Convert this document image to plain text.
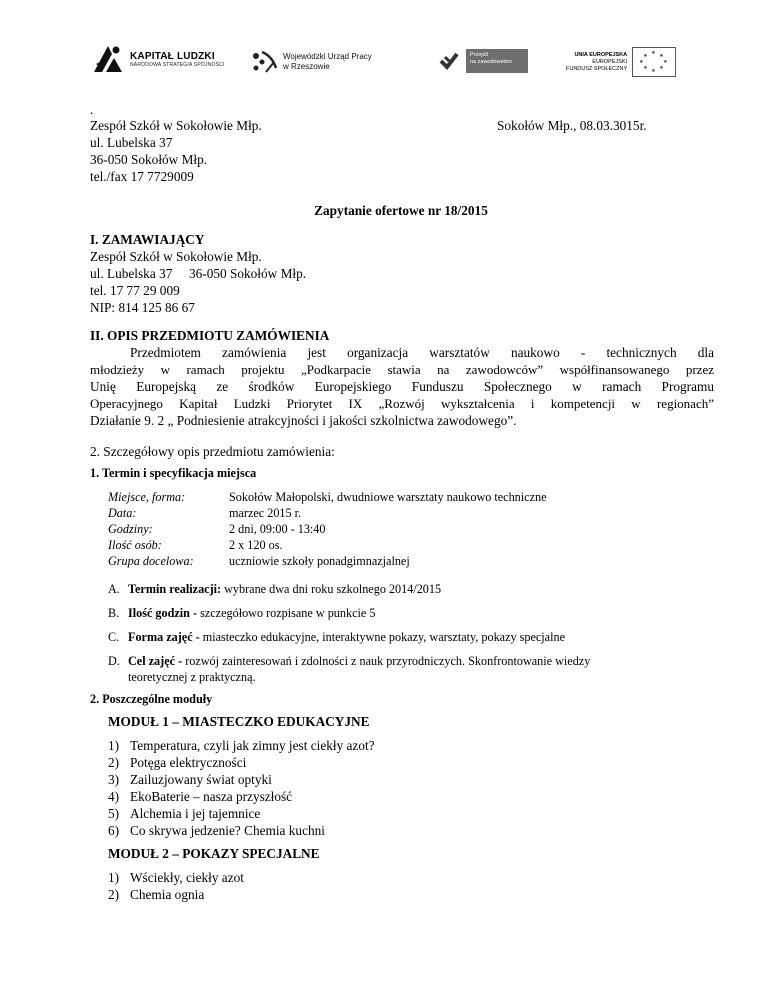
KAPITAŁ LUDZKI
NARODOWA STRATEGIA SPÓJNOŚCI
Wojewódzki Urząd Pracy
w Rzeszowie
Przejdź
na zawodowstwo
UNIA EUROPEJSKA
EUROPEJSKI
FUNDUSZ SPOŁECZNY
★
★
★
★
★
★
★
★
.
Zespół Szkół w Sokołowie Młp.
ul. Lubelska 37
36-050 Sokołów Młp.
tel./fax 17 7729009
Sokołów Młp., 08.03.3015r.
Zapytanie ofertowe nr 18/2015
I. ZAMAWIAJĄCY
Zespół Szkół w Sokołowie Młp.
ul. Lubelska 37     36-050 Sokołów Młp.
tel. 17 77 29 009
NIP: 814 125 86 67
II. OPIS PRZEDMIOTU ZAMÓWIENIA
Przedmiotem zamówienia jest organizacja warsztatów naukowo - technicznych dla
młodzieży w ramach projektu „Podkarpacie stawia na zawodowców” współfinansowanego przez
Unię Europejską ze środków Europejskiego Funduszu Społecznego w ramach Programu
Operacyjnego Kapitał Ludzki Priorytet IX „Rozwój wykształcenia i kompetencji w regionach”
Działanie 9. 2 „ Podniesienie atrakcyjności i jakości szkolnictwa zawodowego”.
2. Szczegółowy opis przedmiotu zamówienia:
1. Termin i specyfikacja miejsca
Miejsce, forma:	Sokołów Małopolski, dwudniowe warsztaty naukowo techniczne
Data:	marzec 2015 r.
Godziny:	2 dni, 09:00 - 13:40
Ilość osób:	2 x 120 os.
Grupa docelowa:	uczniowie szkoły ponadgimnazjalnej
A. Termin realizacji: wybrane dwa dni roku szkolnego 2014/2015
B. Ilość godzin - szczegółowo rozpisane w punkcie 5
C. Forma zajęć - miasteczko edukacyjne, interaktywne pokazy, warsztaty, pokazy specjalne
D. Cel zajęć - rozwój zainteresowań i zdolności z nauk przyrodniczych. Skonfrontowanie wiedzy
teoretycznej z praktyczną.
2. Poszczególne moduły
MODUŁ 1 – MIASTECZKO EDUKACYJNE
1) Temperatura, czyli jak zimny jest ciekły azot?
2) Potęga elektryczności
3) Zailuzjowany świat optyki
4) EkoBaterie – nasza przyszłość
5) Alchemia i jej tajemnice
6) Co skrywa jedzenie? Chemia kuchni
MODUŁ 2 – POKAZY SPECJALNE
1) Wściekły, ciekły azot
2) Chemia ognia
